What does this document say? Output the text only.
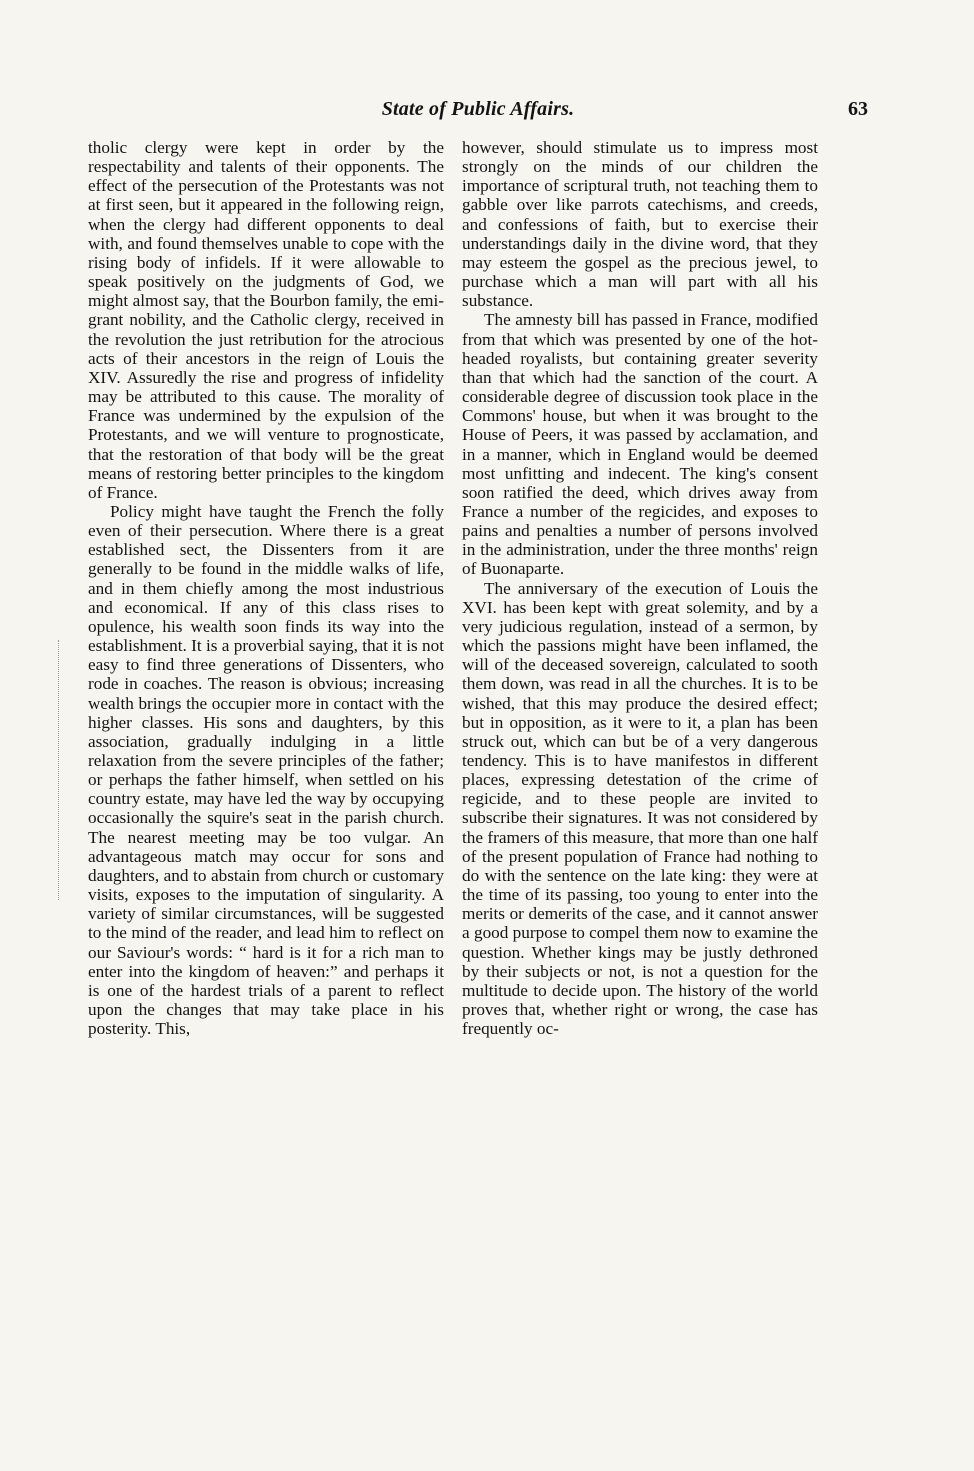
State of Public Affairs.	63

tholic clergy were kept in order by the respectability and talents of their opponents. The effect of the persecution of the Protestants was not at first seen, but it appeared in the following reign, when the clergy had different opponents to deal with, and found themselves unable to cope with the rising body of infidels. If it were allowable to speak positively on the judgments of God, we might almost say, that the Bourbon family, the emigrant nobility, and the Catholic clergy, received in the revolution the just retribution for the atrocious acts of their ancestors in the reign of Louis the XIV. Assuredly the rise and progress of infidelity may be attributed to this cause. The morality of France was undermined by the expulsion of the Protestants, and we will venture to prognosticate, that the restoration of that body will be the great means of restoring better principles to the kingdom of France.

Policy might have taught the French the folly even of their persecution. Where there is a great established sect, the Dissenters from it are generally to be found in the middle walks of life, and in them chiefly among the most industrious and economical. If any of this class rises to opulence, his wealth soon finds its way into the establishment. It is a proverbial saying, that it is not easy to find three generations of Dissenters, who rode in coaches. The reason is obvious; increasing wealth brings the occupier more in contact with the higher classes. His sons and daughters, by this association, gradually indulging in a little relaxation from the severe principles of the father; or perhaps the father himself, when settled on his country estate, may have led the way by occupying occasionally the squire's seat in the parish church. The nearest meeting may be too vulgar. An advantageous match may occur for sons and daughters, and to abstain from church or customary visits, exposes to the imputation of singularity. A variety of similar circumstances, will be suggested to the mind of the reader, and lead him to reflect on our Saviour's words: “ hard is it for a rich man to enter into the kingdom of heaven:” and perhaps it is one of the hardest trials of a parent to reflect upon the changes that may take place in his posterity. This,

however, should stimulate us to impress most strongly on the minds of our children the importance of scriptural truth, not teaching them to gabble over like parrots catechisms, and creeds, and confessions of faith, but to exercise their understandings daily in the divine word, that they may esteem the gospel as the precious jewel, to purchase which a man will part with all his substance.

The amnesty bill has passed in France, modified from that which was presented by one of the hot-headed royalists, but containing greater severity than that which had the sanction of the court. A considerable degree of discussion took place in the Commons' house, but when it was brought to the House of Peers, it was passed by acclamation, and in a manner, which in England would be deemed most unfitting and indecent. The king's consent soon ratified the deed, which drives away from France a number of the regicides, and exposes to pains and penalties a number of persons involved in the administration, under the three months' reign of Buonaparte.

The anniversary of the execution of Louis the XVI. has been kept with great solemity, and by a very judicious regulation, instead of a sermon, by which the passions might have been inflamed, the will of the deceased sovereign, calculated to sooth them down, was read in all the churches. It is to be wished, that this may produce the desired effect; but in opposition, as it were to it, a plan has been struck out, which can but be of a very dangerous tendency. This is to have manifestos in different places, expressing detestation of the crime of regicide, and to these people are invited to subscribe their signatures. It was not considered by the framers of this measure, that more than one half of the present population of France had nothing to do with the sentence on the late king: they were at the time of its passing, too young to enter into the merits or demerits of the case, and it cannot answer a good purpose to compel them now to examine the question. Whether kings may be justly dethroned by their subjects or not, is not a question for the multitude to decide upon. The history of the world proves that, whether right or wrong, the case has frequently oc-
